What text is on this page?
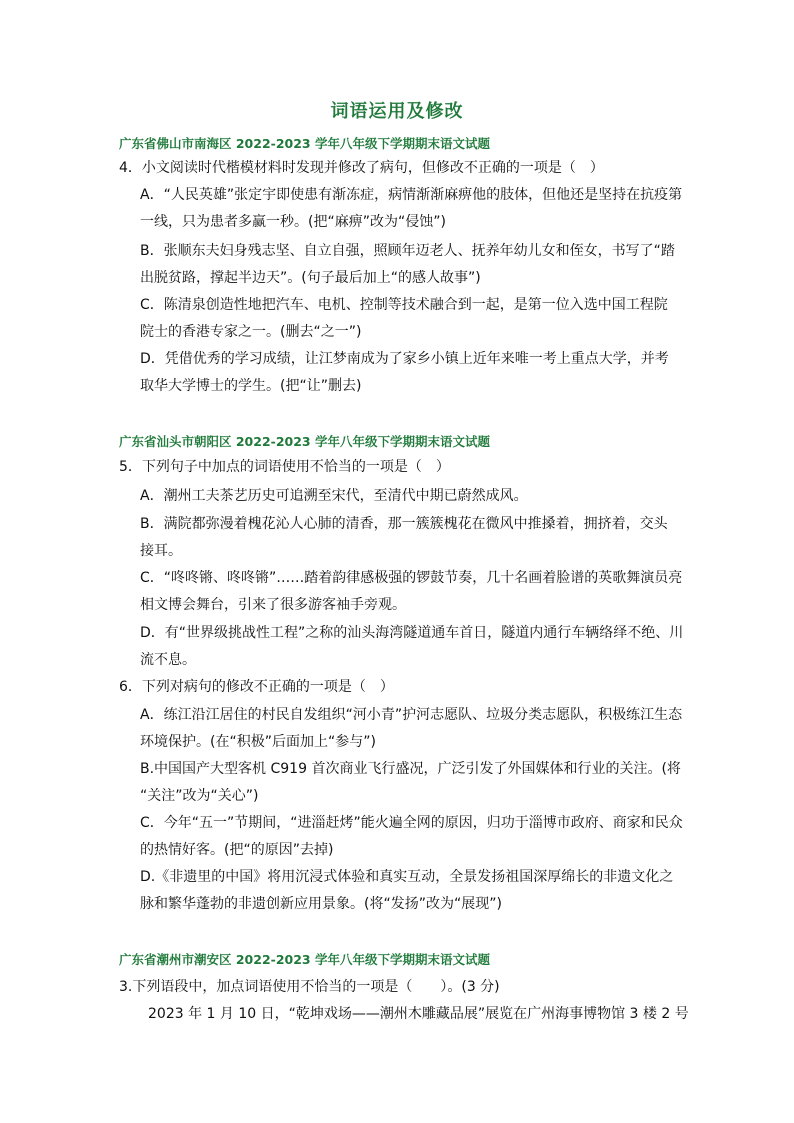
词语运用及修改
广东省佛山市南海区 2022-2023 学年八年级下学期期末语文试题
4．小文阅读时代楷模材料时发现并修改了病句，但修改不正确的一项是（　）
A．“人民英雄”张定宇即使患有渐冻症，病情渐渐麻痹他的肢体，但他还是坚持在抗疫第
一线，只为患者多赢一秒。(把“麻痹”改为“侵蚀”)
B．张顺东夫妇身残志坚、自立自强，照顾年迈老人、抚养年幼儿女和侄女，书写了“踏
出脱贫路，撑起半边天”。(句子最后加上“的感人故事”)
C．陈清泉创造性地把汽车、电机、控制等技术融合到一起，是第一位入选中国工程院
院士的香港专家之一。(删去“之一”)
D．凭借优秀的学习成绩，让江梦南成为了家乡小镇上近年来唯一考上重点大学，并考
取华大学博士的学生。(把“让”删去)
广东省汕头市朝阳区 2022-2023 学年八年级下学期期末语文试题
5．下列句子中加点的词语使用不恰当的一项是（　）
A．潮州工夫茶艺历史可追溯至宋代，至清代中期已蔚然成风。
B．满院都弥漫着槐花沁人心肺的清香，那一簇簇槐花在微风中推搡着，拥挤着，交头
接耳。
C．“咚咚锵、咚咚锵”……踏着韵律感极强的锣鼓节奏，几十名画着脸谱的英歌舞演员亮
相文博会舞台，引来了很多游客袖手旁观。
D．有“世界级挑战性工程”之称的汕头海湾隧道通车首日，隧道内通行车辆络绎不绝、川
流不息。
6．下列对病句的修改不正确的一项是（　）
A．练江沿江居住的村民自发组织“河小青”护河志愿队、垃圾分类志愿队，积极练江生态
环境保护。(在“积极”后面加上“参与”)
B.中国国产大型客机 C919 首次商业飞行盛况，广泛引发了外国媒体和行业的关注。(将
“关注”改为“关心”)
C．今年“五一”节期间，“进淄赶烤”能火遍全网的原因，归功于淄博市政府、商家和民众
的热情好客。(把“的原因”去掉)
D.《非遗里的中国》将用沉浸式体验和真实互动，全景发扬祖国深厚绵长的非遗文化之
脉和繁华蓬勃的非遗创新应用景象。(将“发扬”改为“展现”)
广东省潮州市潮安区 2022-2023 学年八年级下学期期末语文试题
3.下列语段中，加点词语使用不恰当的一项是（　　）。(3 分)
2023 年 1 月 10 日，“乾坤戏场——潮州木雕藏品展”展览在广州海事博物馆 3 楼 2 号
